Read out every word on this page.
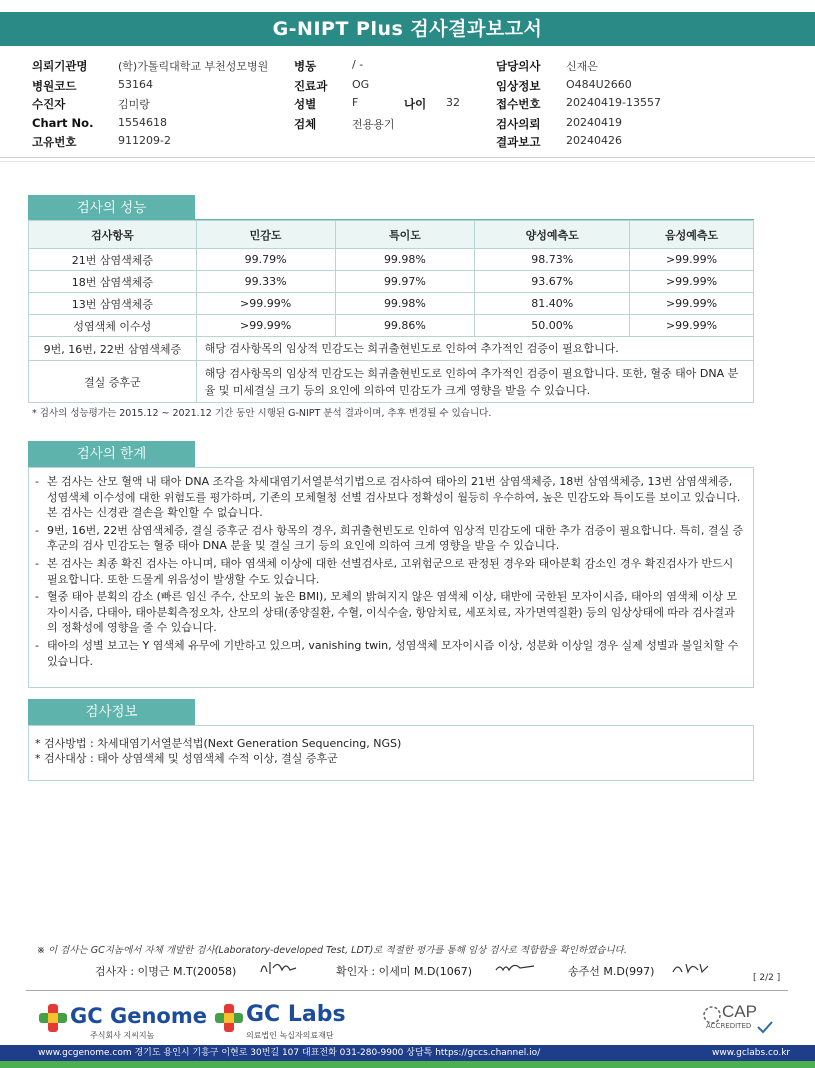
G-NIPT Plus 검사결과보고서
의뢰기관명	(학)가톨릭대학교 부천성모병원
병원코드	53164
수진자	김미랑
Chart No. 1554618
고유번호	911209-2
병동	/ -
진료과 OG
성별	F	나이 32
검체	전용용기
담당의사 신재은
임상정보 O484U2660
접수번호 20240419-13557
검사의뢰 20240419
결과보고 20240426
검사의 성능
검사항목	민감도	특이도	양성예측도	음성예측도
21번 삼염색체증	99.79%	99.98%	98.73%	>99.99%
18번 삼염색체증	99.33%	99.97%	93.67%	>99.99%
13번 삼염색체증	>99.99%	99.98%	81.40%	>99.99%
성염색체 이수성	>99.99%	99.86%	50.00%	>99.99%
9번, 16번, 22번 삼염색체증	해당 검사항목의 임상적 민감도는 희귀출현빈도로 인하여 추가적인 검증이 필요합니다.			
결실 증후군	해당 검사항목의 임상적 민감도는 희귀출현빈도로 인하여 추가적인 검증이 필요합니다. 또한, 혈중 태아 DNA 분율 및 미세결실 크기 등의 요인에 의하여 민감도가 크게 영향을 받을 수 있습니다.			
* 검사의 성능평가는 2015.12 ~ 2021.12 기간 동안 시행된 G-NIPT 분석 결과이며, 추후 변경될 수 있습니다.
검사의 한계
- 본 검사는 산모 혈액 내 태아 DNA 조각을 차세대염기서열분석기법으로 검사하여 태아의 21번 삼염색체증, 18번 삼염색체증, 13번 삼염색체증, 성염색체 이수성에 대한 위험도를 평가하며, 기존의 모체혈청 선별 검사보다 정확성이 월등히 우수하여, 높은 민감도와 특이도를 보이고 있습니다. 본 검사는 신경관 결손을 확인할 수 없습니다.
- 9번, 16번, 22번 삼염색체증, 결실 증후군 검사 항목의 경우, 희귀출현빈도로 인하여 임상적 민감도에 대한 추가 검증이 필요합니다. 특히, 결실 증후군의 검사 민감도는 혈중 태아 DNA 분율 및 결실 크기 등의 요인에 의하여 크게 영향을 받을 수 있습니다.
- 본 검사는 최종 확진 검사는 아니며, 태아 염색체 이상에 대한 선별검사로, 고위험군으로 판정된 경우와 태아분획 감소인 경우 확진검사가 반드시 필요합니다. 또한 드물게 위음성이 발생할 수도 있습니다.
- 혈중 태아 분획의 감소 (빠른 임신 주수, 산모의 높은 BMI), 모체의 밝혀지지 않은 염색체 이상, 태반에 국한된 모자이시즘, 태아의 염색체 이상 모자이시즘, 다태아, 태아분획측정오차, 산모의 상태(종양질환, 수혈, 이식수술, 항암치료, 세포치료, 자가면역질환) 등의 임상상태에 따라 검사결과의 정확성에 영향을 줄 수 있습니다.
- 태아의 성별 보고는 Y 염색체 유무에 기반하고 있으며, vanishing twin, 성염색체 모자이시즘 이상, 성분화 이상일 경우 실제 성별과 불일치할 수 있습니다.
검사정보
* 검사방법 : 차세대염기서열분석법(Next Generation Sequencing, NGS)
* 검사대상 : 태아 상염색체 및 성염색체 수적 이상, 결실 증후군
※ 이 검사는 GC지놈에서 자체 개발한 검사(Laboratory-developed Test, LDT)로 적절한 평가를 통해 임상 검사로 적합함을 확인하였습니다.
검사자 : 이명근 M.T(20058)	확인자 : 이세미 M.D(1067)	송주선 M.D(997)	[ 2/2 ]
GC Genome
주식회사 지씨지놈
GC Labs
의료법인 녹십자의료재단
CAP
ACCREDITED
www.gcgenome.com 경기도 용인시 기흥구 이현로 30번길 107 대표전화 031-280-9900 상담톡 https://gccs.channel.io/	www.gclabs.co.kr
